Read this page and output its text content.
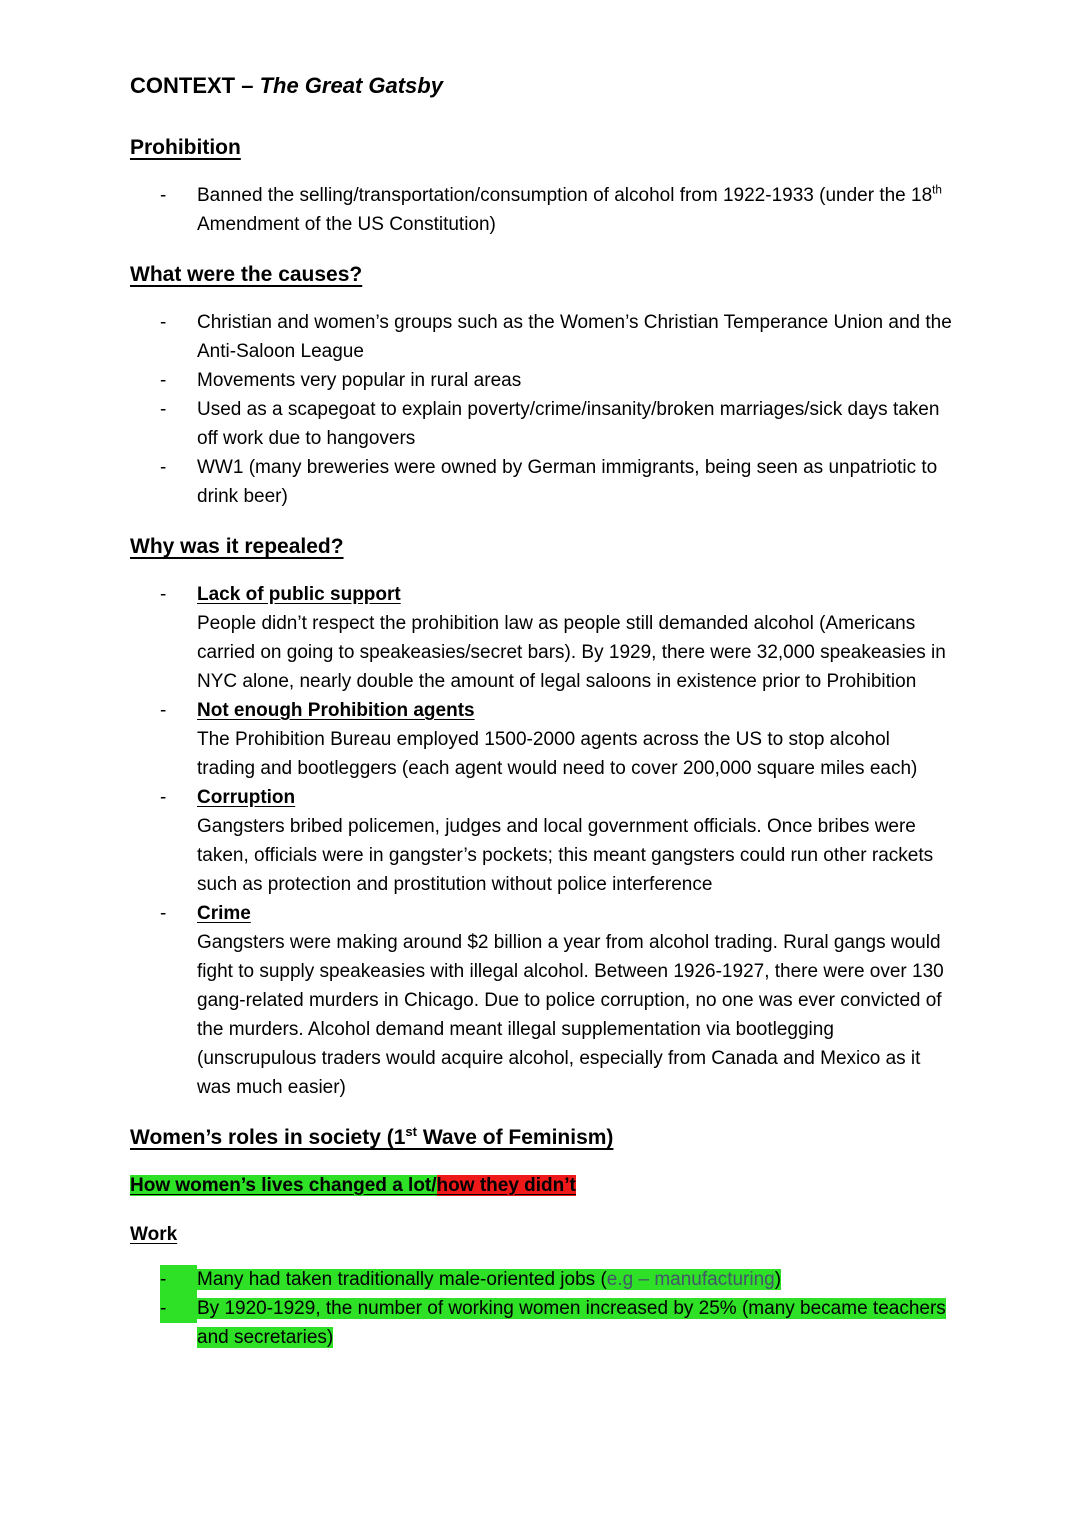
CONTEXT – The Great Gatsby
Prohibition
-	Banned the selling/transportation/consumption of alcohol from 1922-1933 (under the 18th Amendment of the US Constitution)
What were the causes?
-	Christian and women’s groups such as the Women’s Christian Temperance Union and the Anti-Saloon League
-	Movements very popular in rural areas
-	Used as a scapegoat to explain poverty/crime/insanity/broken marriages/sick days taken off work due to hangovers
-	WW1 (many breweries were owned by German immigrants, being seen as unpatriotic to drink beer)
Why was it repealed?
-	Lack of public support
People didn’t respect the prohibition law as people still demanded alcohol (Americans carried on going to speakeasies/secret bars). By 1929, there were 32,000 speakeasies in NYC alone, nearly double the amount of legal saloons in existence prior to Prohibition
-	Not enough Prohibition agents
The Prohibition Bureau employed 1500-2000 agents across the US to stop alcohol trading and bootleggers (each agent would need to cover 200,000 square miles each)
-	Corruption
Gangsters bribed policemen, judges and local government officials. Once bribes were taken, officials were in gangster’s pockets; this meant gangsters could run other rackets such as protection and prostitution without police interference
-	Crime
Gangsters were making around $2 billion a year from alcohol trading. Rural gangs would fight to supply speakeasies with illegal alcohol. Between 1926-1927, there were over 130 gang-related murders in Chicago. Due to police corruption, no one was ever convicted of the murders. Alcohol demand meant illegal supplementation via bootlegging (unscrupulous traders would acquire alcohol, especially from Canada and Mexico as it was much easier)
Women’s roles in society (1st Wave of Feminism)
How women’s lives changed a lot/how they didn’t
Work
-	Many had taken traditionally male-oriented jobs (e.g – manufacturing)
-	By 1920-1929, the number of working women increased by 25% (many became teachers and secretaries)
